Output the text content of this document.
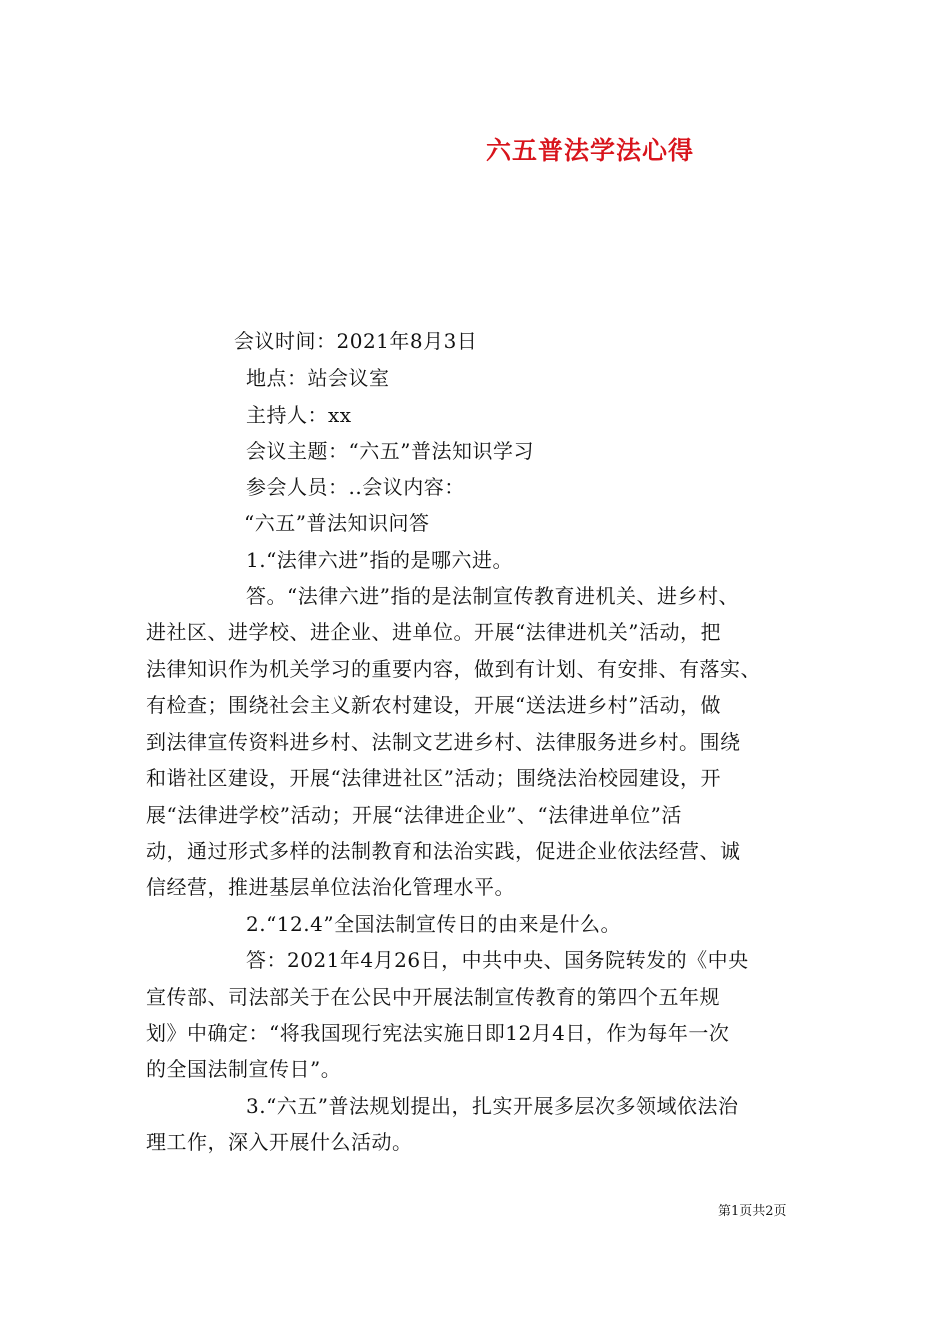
六五普法学法心得
会议时间：2021年8月3日
地点：站会议室
主持人：xx
会议主题：“六五”普法知识学习
参会人员：..会议内容：
“六五”普法知识问答
1.“法律六进”指的是哪六进。
答。“法律六进”指的是法制宣传教育进机关、进乡村、
进社区、进学校、进企业、进单位。开展“法律进机关”活动，把
法律知识作为机关学习的重要内容，做到有计划、有安排、有落实、
有检查；围绕社会主义新农村建设，开展“送法进乡村”活动，做
到法律宣传资料进乡村、法制文艺进乡村、法律服务进乡村。围绕
和谐社区建设，开展“法律进社区”活动；围绕法治校园建设，开
展“法律进学校”活动；开展“法律进企业”、“法律进单位”活
动，通过形式多样的法制教育和法治实践，促进企业依法经营、诚
信经营，推进基层单位法治化管理水平。
2.“12.4”全国法制宣传日的由来是什么。
答：2021年4月26日，中共中央、国务院转发的《中央
宣传部、司法部关于在公民中开展法制宣传教育的第四个五年规
划》中确定：“将我国现行宪法实施日即12月4日，作为每年一次
的全国法制宣传日”。
3.“六五”普法规划提出，扎实开展多层次多领域依法治
理工作，深入开展什么活动。
第1页共2页
